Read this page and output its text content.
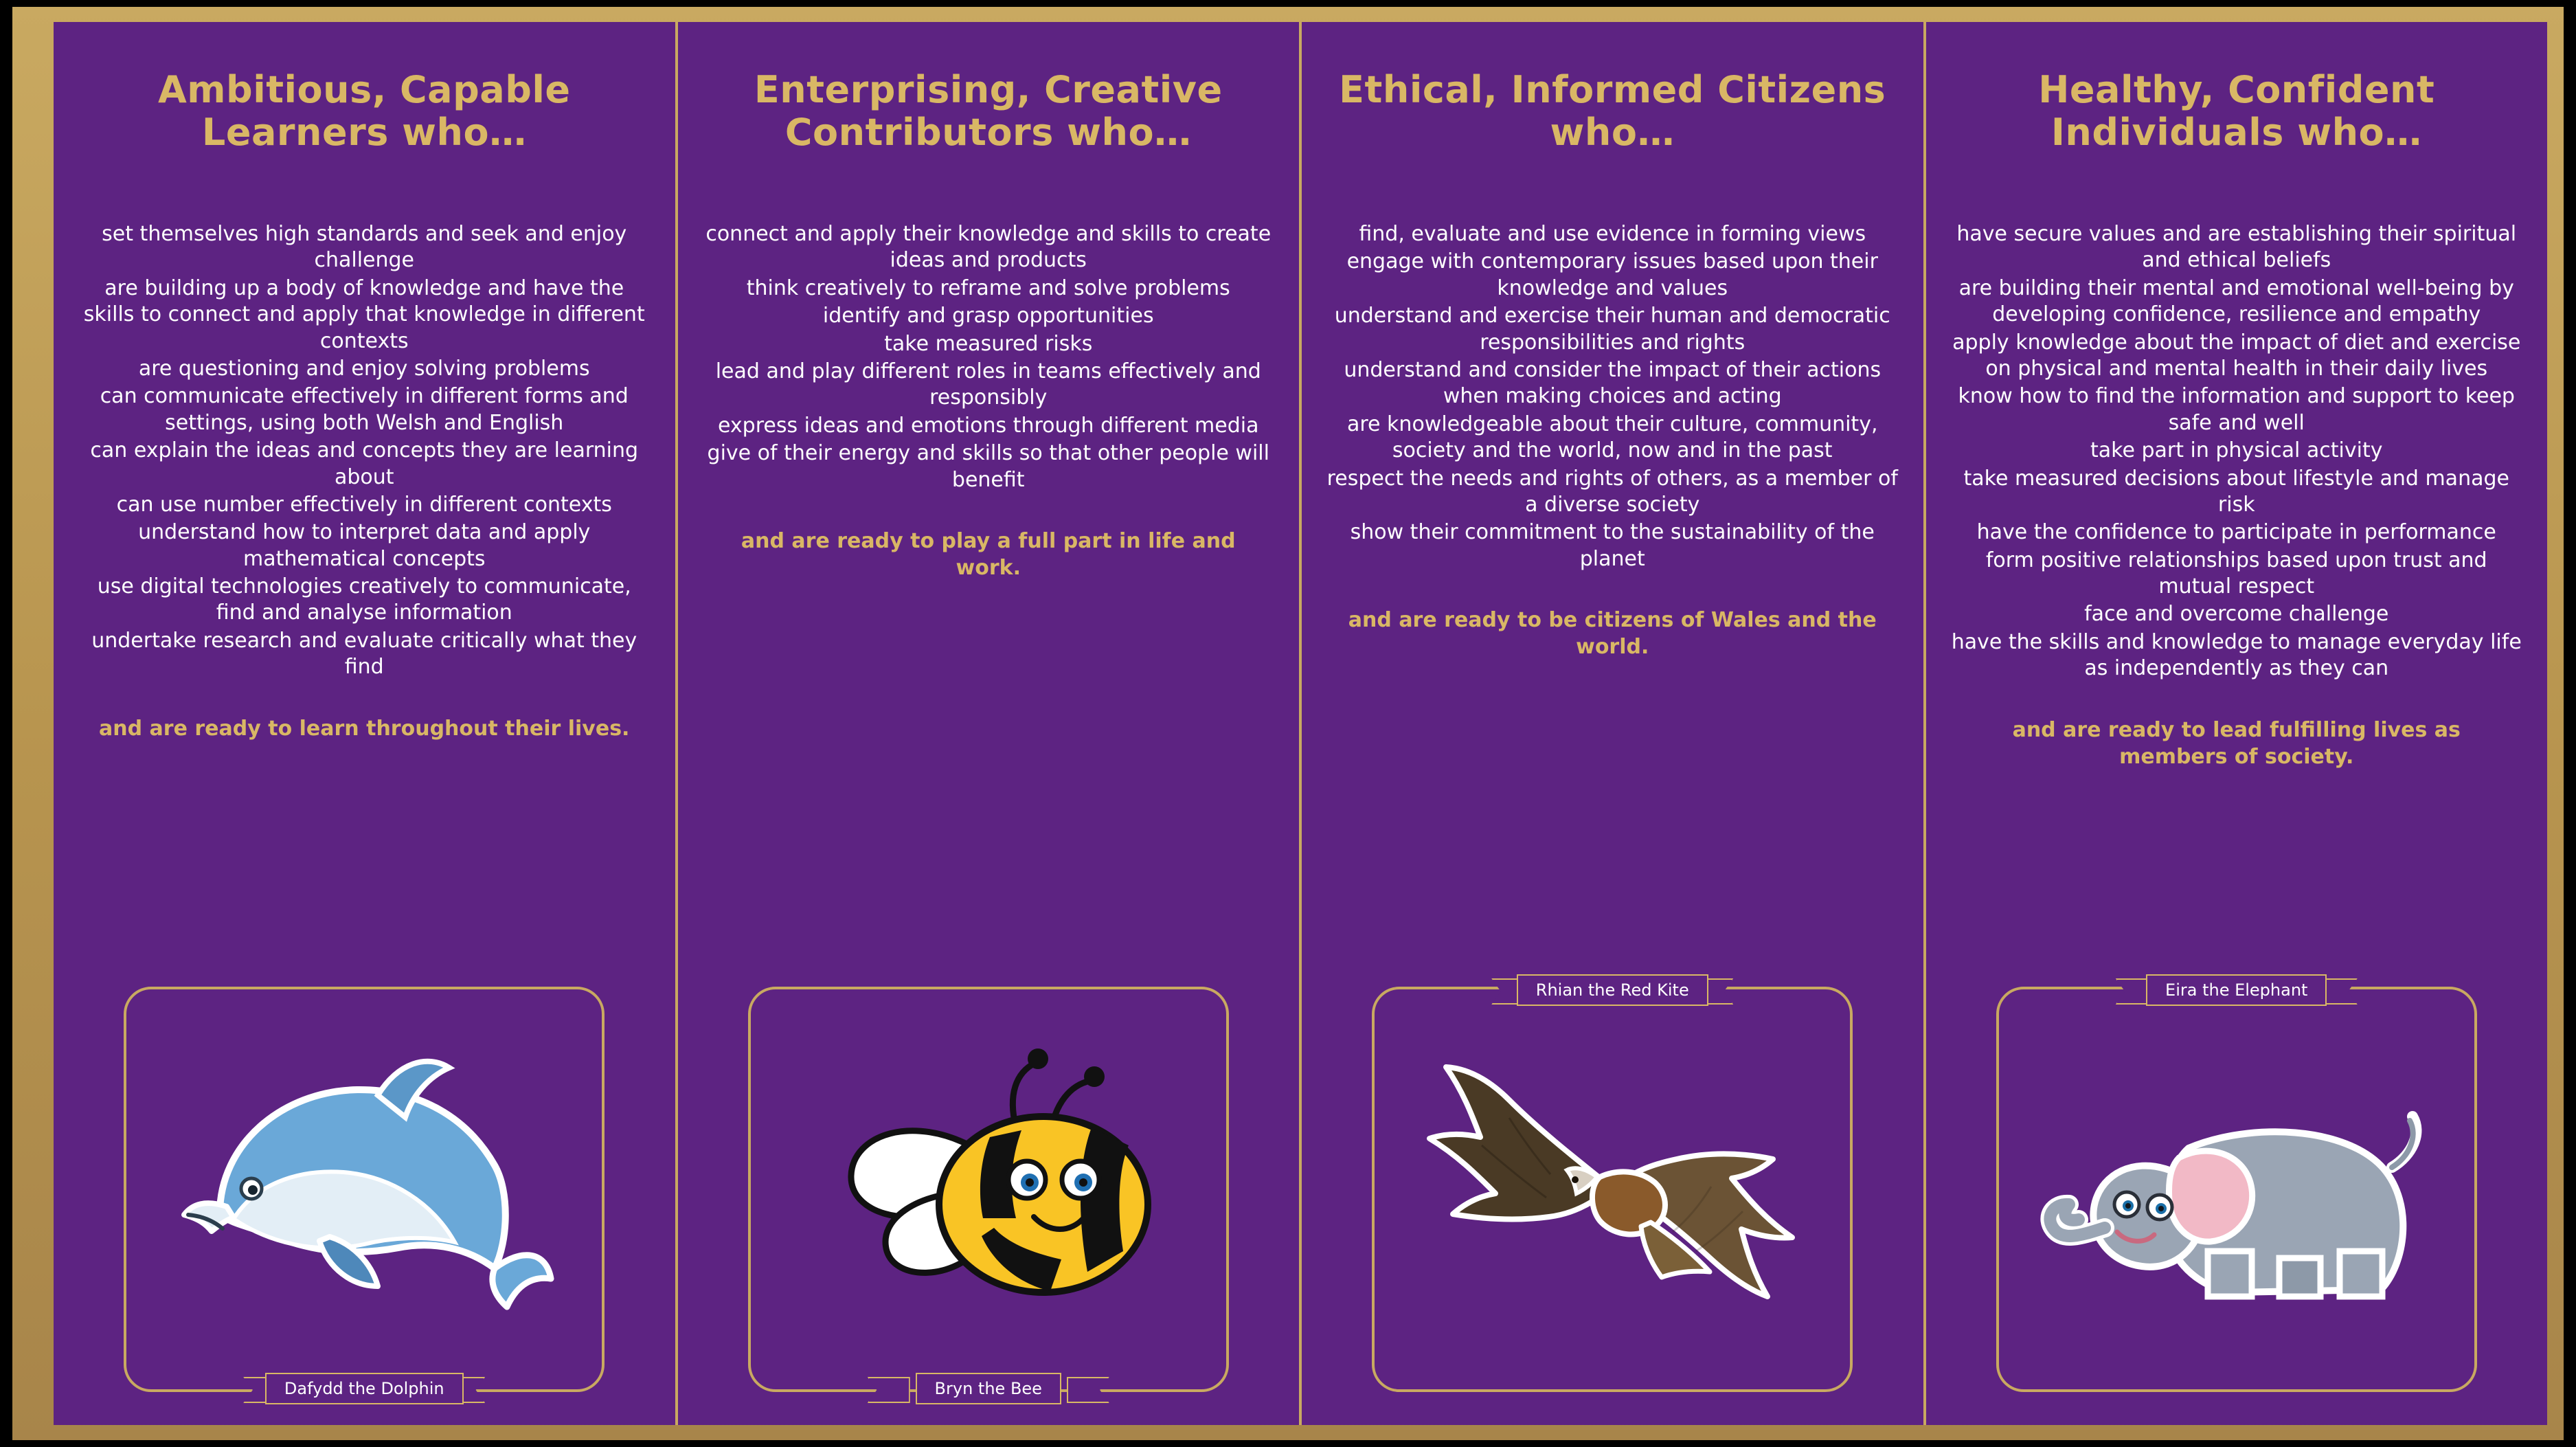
Ambitious, Capable Learners who…
set themselves high standards and seek and enjoy challenge
are building up a body of knowledge and have the skills to connect and apply that knowledge in different contexts
are questioning and enjoy solving problems
can communicate effectively in different forms and settings, using both Welsh and English
can explain the ideas and concepts they are learning about
can use number effectively in different contexts
understand how to interpret data and apply mathematical concepts
use digital technologies creatively to communicate, find and analyse information
undertake research and evaluate critically what they find
and are ready to learn throughout their lives.
Dafydd the Dolphin
Enterprising, Creative Contributors who…
connect and apply their knowledge and skills to create ideas and products
think creatively to reframe and solve problems
identify and grasp opportunities
take measured risks
lead and play different roles in teams effectively and responsibly
express ideas and emotions through different media
give of their energy and skills so that other people will benefit
and are ready to play a full part in life and work.
Bryn the Bee
Ethical, Informed Citizens who…
find, evaluate and use evidence in forming views
engage with contemporary issues based upon their knowledge and values
understand and exercise their human and democratic responsibilities and rights
understand and consider the impact of their actions when making choices and acting
are knowledgeable about their culture, community, society and the world, now and in the past
respect the needs and rights of others, as a member of a diverse society
show their commitment to the sustainability of the planet
and are ready to be citizens of Wales and the world.
Rhian the Red Kite
Healthy, Confident Individuals who…
have secure values and are establishing their spiritual and ethical beliefs
are building their mental and emotional well-being by developing confidence, resilience and empathy
apply knowledge about the impact of diet and exercise on physical and mental health in their daily lives
know how to find the information and support to keep safe and well
take part in physical activity
take measured decisions about lifestyle and manage risk
have the confidence to participate in performance
form positive relationships based upon trust and mutual respect
face and overcome challenge
have the skills and knowledge to manage everyday life as independently as they can
and are ready to lead fulfilling lives as members of society.
Eira the Elephant
